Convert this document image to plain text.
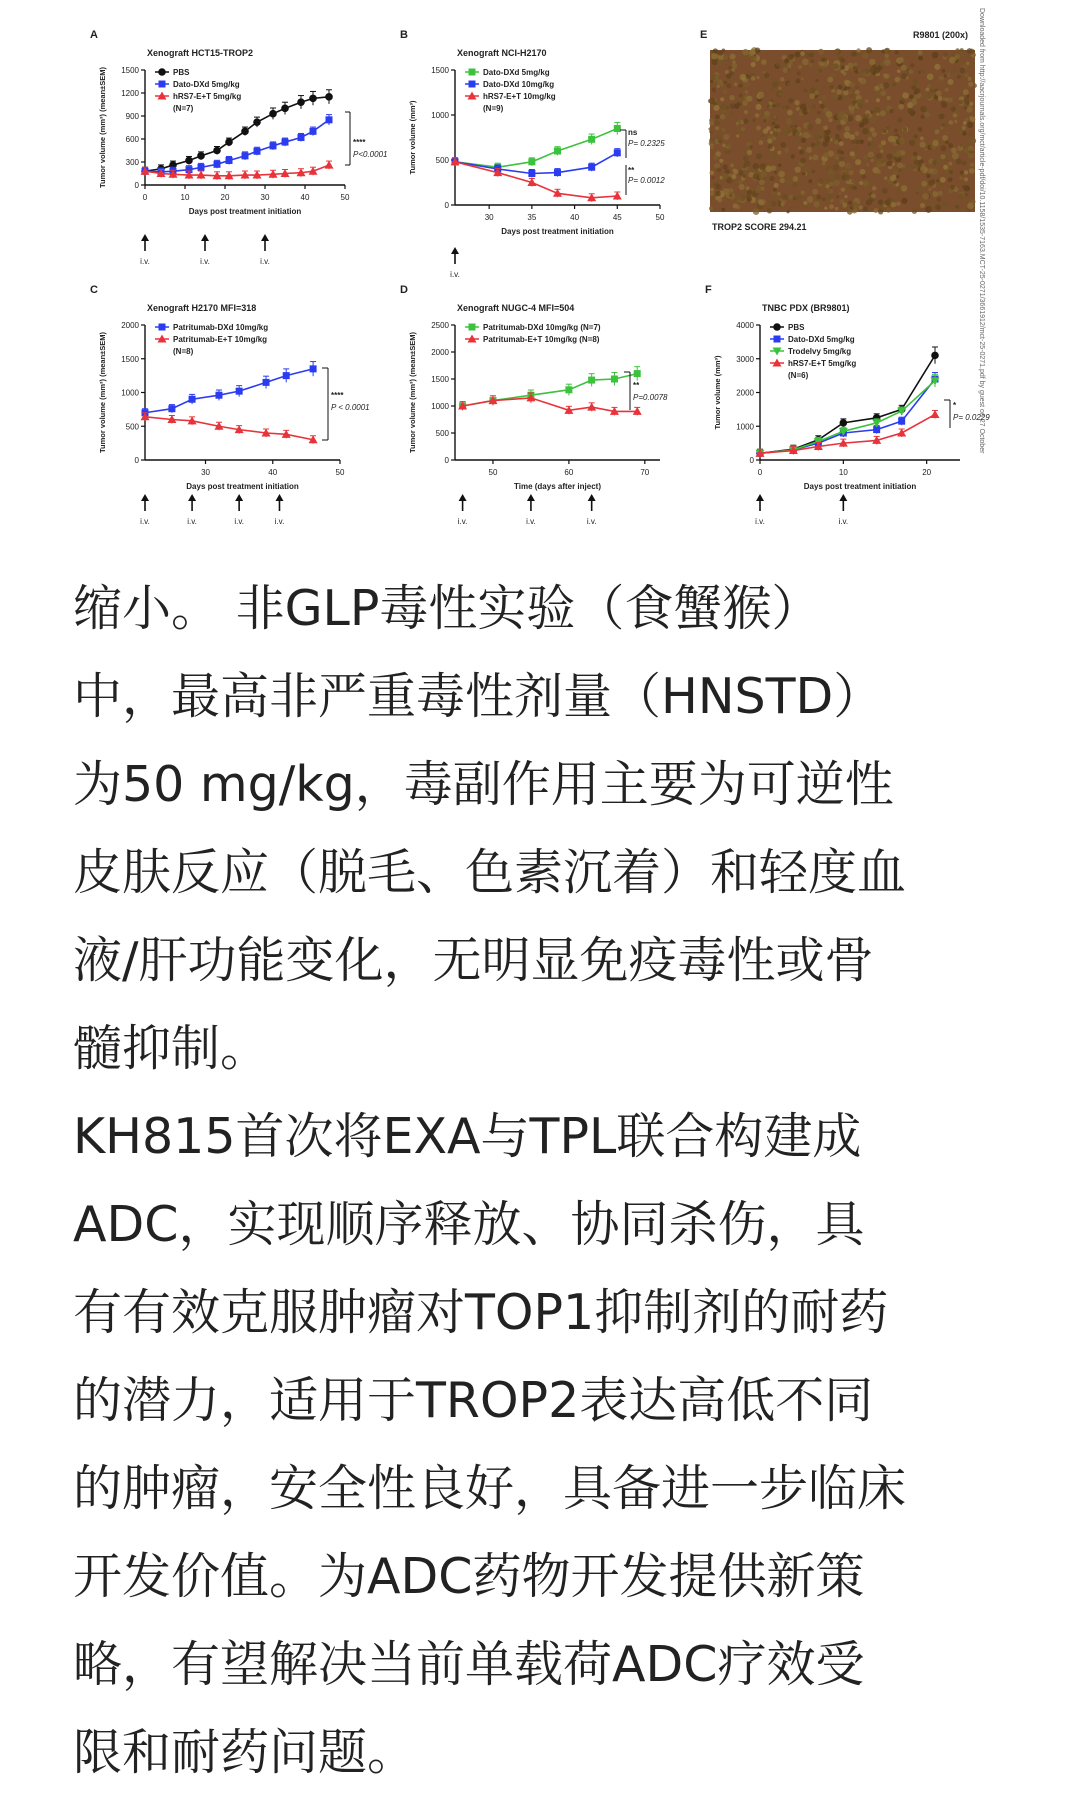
A
Xenograft HCT15-TROP2
0
300
600
900
1200
1500
0	10	20	30	40	50
Days post treatment initiation
Tumor volume (mm³) (mean±SEM)	PBS
Dato-DXd 5mg/kg
hRS7-E+T 5mg/kg
(N=7)
****
P<0.0001
i.v.	i.v.	i.v.
B
Xenograft NCI-H2170
0
500
1000
1500
30	35	40	45	50
Days post treatment initiation
Tumor volume (mm³)
Dato-DXd 5mg/kg
Dato-DXd 10mg/kg
hRS7-E+T 10mg/kg
(N=9)
ns
P= 0.2325
**
P= 0.0012
i.v.
C
Xenograft H2170 MFI=318
0
500
1000
1500
2000
30	40	50
Days post treatment initiation
Tumor volume (mm³) (mean±SEM)
Patritumab-DXd 10mg/kg
Patritumab-E+T 10mg/kg
(N=8)
****
P < 0.0001
i.v.	i.v.	i.v.	i.v.
D
Xenograft NUGC-4 MFI=504
0
500
1000
1500
2000
2500
50	60	70
Time (days after inject)
Tumor volume (mm³) (mean±SEM)
Patritumab-DXd 10mg/kg (N=7)
Patritumab-E+T 10mg/kg (N=8)
**
P=0.0078
i.v.	i.v.	i.v.
F
TNBC PDX (BR9801)
0
1000
2000
3000
4000
0	10	20
Days post treatment initiation
Tumor volume (mm³)
PBS
Dato-DXd 5mg/kg
Trodelvy 5mg/kg
hRS7-E+T 5mg/kg
(N=6)
*
P= 0.0229
i.v.	i.v.
E	R9801 (200x)
TROP2 SCORE 294.21	Downloaded from http://aacrjournals.org/mct/article-pdf/doi/10.1158/1535-7163.MCT-25-0271/3661912/mct-25-0271.pdf by guest on 27 October

缩小。 非GLP毒性实验（食蟹猴）

中，最高非严重毒性剂量（HNSTD）

为50 mg/kg，毒副作用主要为可逆性

皮肤反应（脱毛、色素沉着）和轻度血

液/肝功能变化，无明显免疫毒性或骨

髓抑制。

KH815首次将EXA与TPL联合构建成

ADC，实现顺序释放、协同杀伤，具

有有效克服肿瘤对TOP1抑制剂的耐药

的潜力，适用于TROP2表达高低不同

的肿瘤，安全性良好，具备进一步临床

开发价值。为ADC药物开发提供新策

略，有望解决当前单载荷ADC疗效受

限和耐药问题。
